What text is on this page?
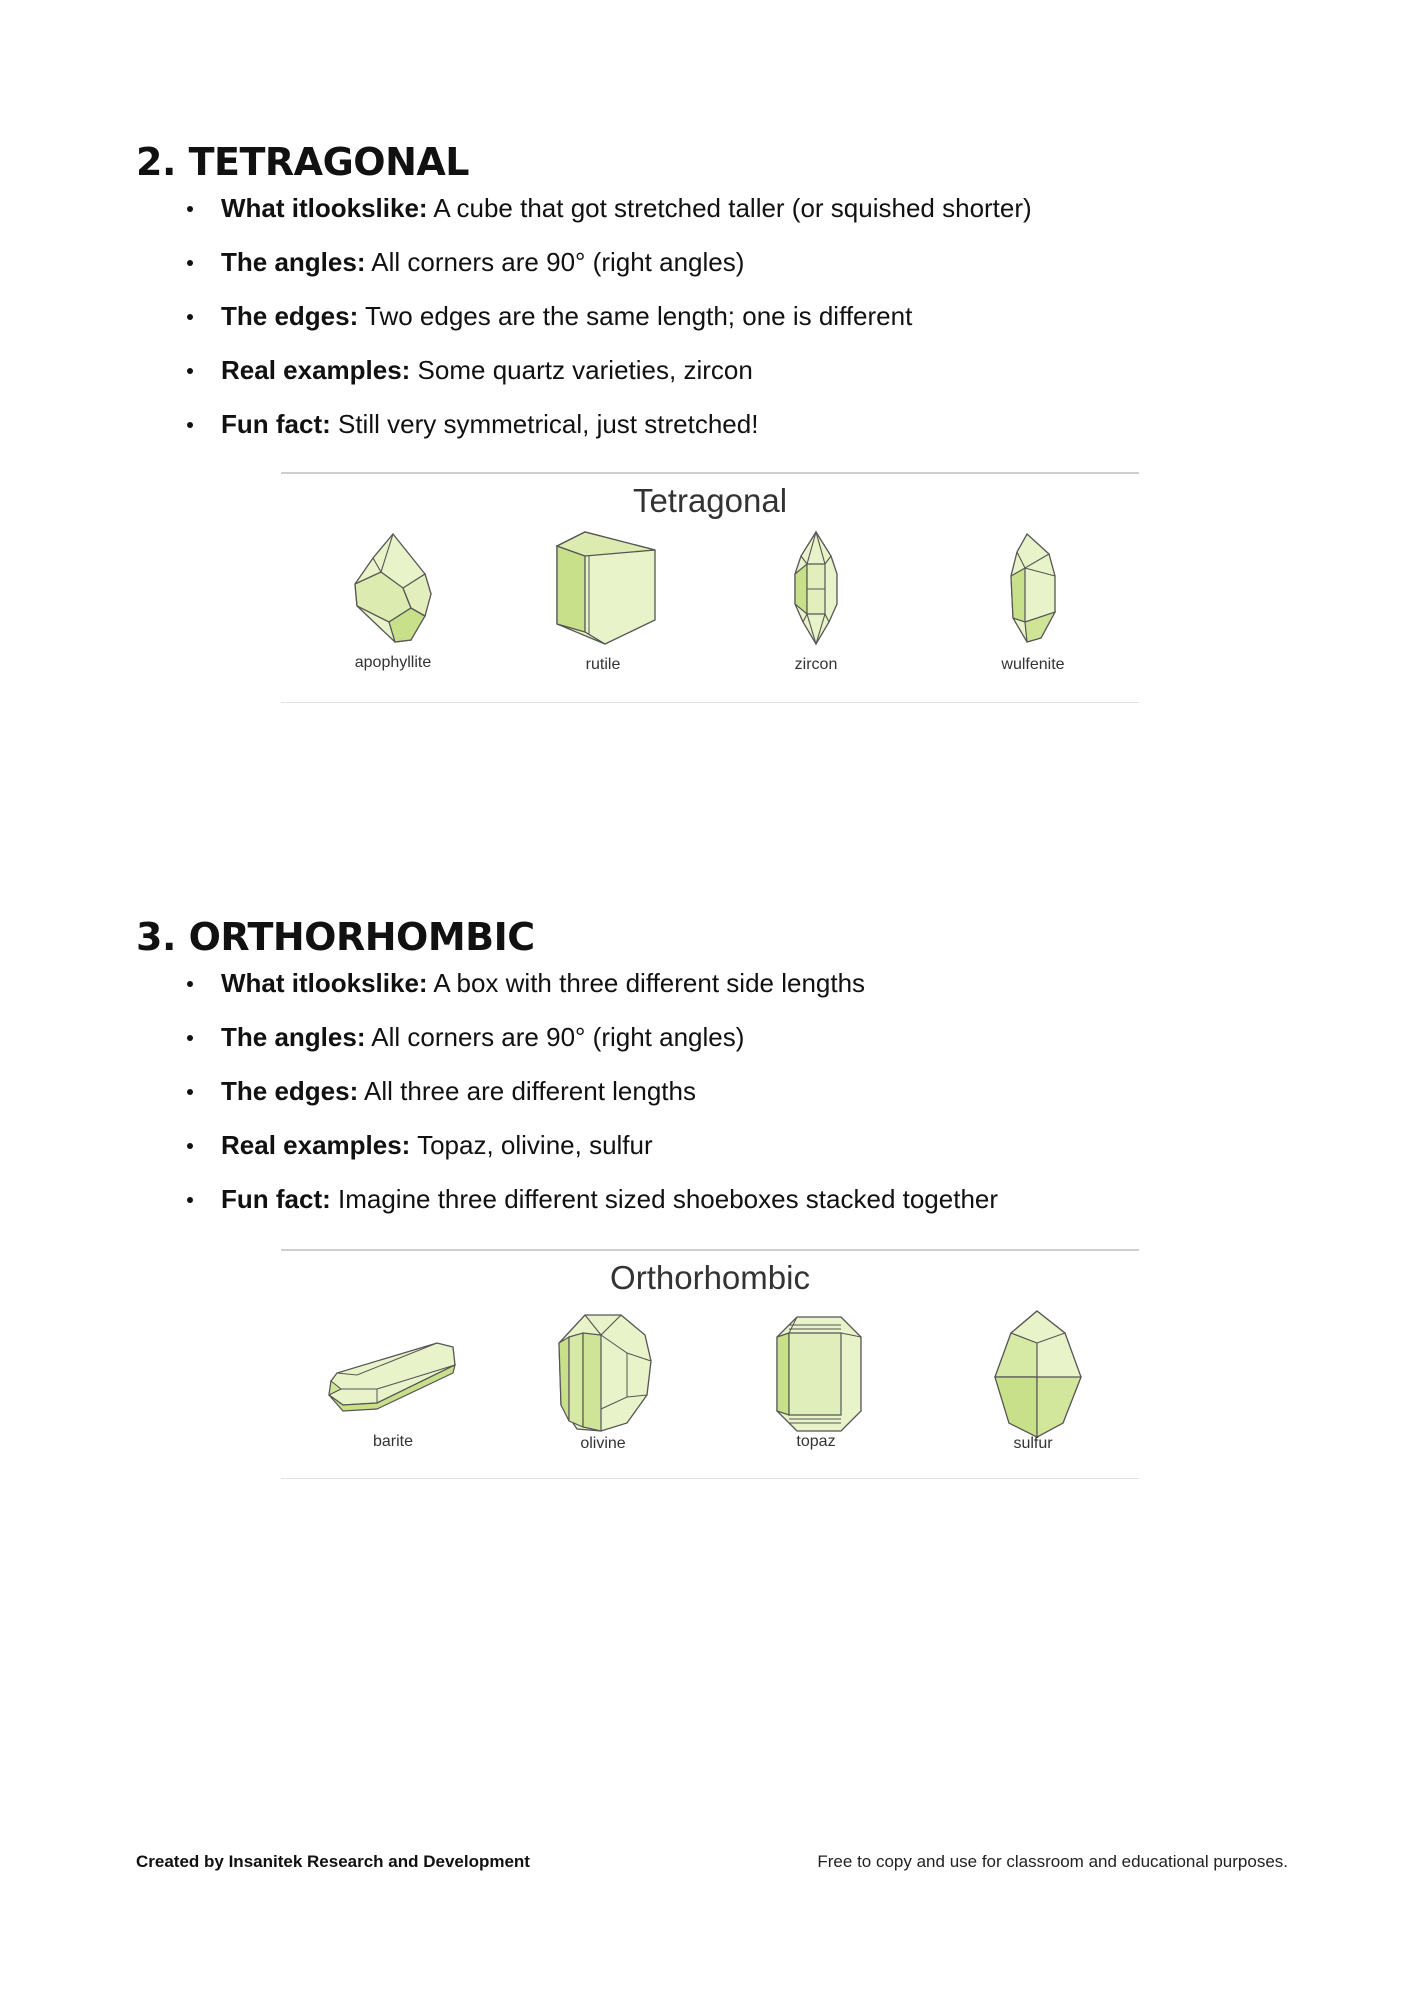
2. TETRAGONAL
What itlookslike: A cube that got stretched taller (or squished shorter)
The angles: All corners are 90° (right angles)
The edges: Two edges are the same length; one is different
Real examples: Some quartz varieties, zircon
Fun fact: Still very symmetrical, just stretched!
Tetragonal
apophyllite	rutile	zircon	wulfenite
3. ORTHORHOMBIC
What itlookslike: A box with three different side lengths
The angles: All corners are 90° (right angles)
The edges: All three are different lengths
Real examples: Topaz, olivine, sulfur
Fun fact: Imagine three different sized shoeboxes stacked together
Orthorhombic
barite	olivine	topaz	sulfur
Created by Insanitek Research and Development	Free to copy and use for classroom and educational purposes.
